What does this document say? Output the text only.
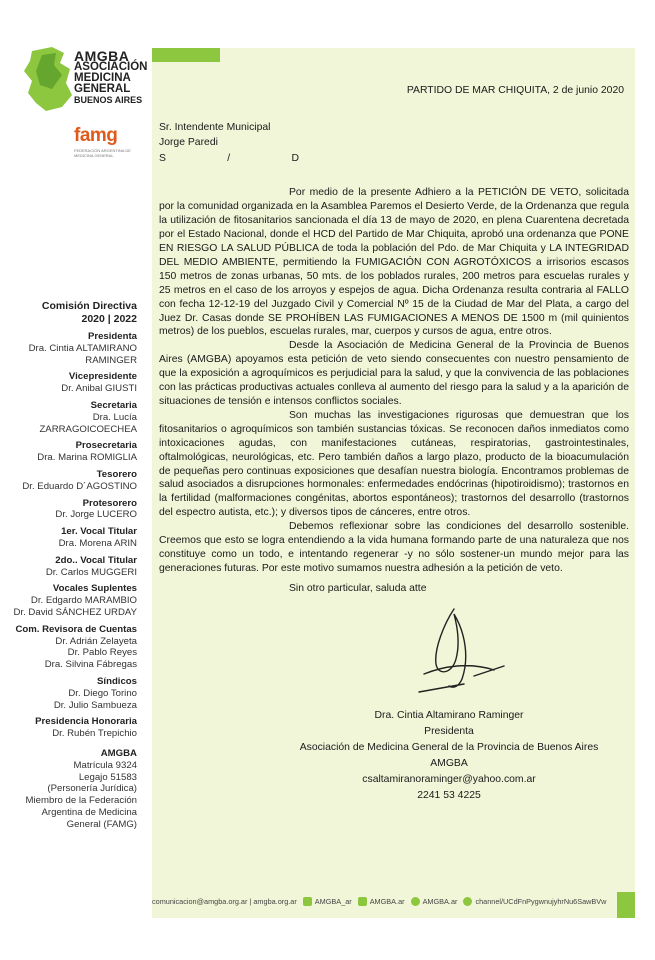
AMGBA
ASOCIACIÓN
MEDICINA
GENERAL
BUENOS AIRES
famg
FEDERACIÓN ARGENTINA DE MEDICINA GENERAL
Comisión Directiva
2020 | 2022
Presidenta
Dra. Cintia ALTAMIRANO
RAMINGER
Vicepresidente
Dr. Anibal GIUSTI
Secretaria
Dra. Lucía
ZARRAGOICOECHEA
Prosecretaria
Dra. Marina ROMIGLIA
Tesorero
Dr. Eduardo D´AGOSTINO
Protesorero
Dr. Jorge LUCERO
1er. Vocal Titular
Dra. Morena ARIN
2do.. Vocal Titular
Dr. Carlos MUGGERI
Vocales Suplentes
Dr. Edgardo MARAMBIO
Dr. David SÁNCHEZ URDAY
Com. Revisora de Cuentas
Dr. Adrián Zelayeta
Dr. Pablo Reyes
Dra. Silvina Fábregas
Síndicos
Dr. Diego Torino
Dr. Julio Sambueza
Presidencia Honoraria
Dr. Rubén Trepichio
AMGBA
Matrícula 9324
Legajo 51583
(Personería Jurídica)
Miembro de la Federación
Argentina de Medicina
General (FAMG)
PARTIDO DE MAR CHIQUITA, 2 de junio 2020
Sr. Intendente Municipal
Jorge Paredi
S	/	D

Por medio de la presente Adhiero a la PETICIÓN DE VETO, solicitada por la comunidad organizada en la Asamblea Paremos el Desierto Verde, de la Ordenanza que regula la utilización de fitosanitarios sancionada el día 13 de mayo de 2020, en plena Cuarentena decretada por el Estado Nacional, donde el HCD del Partido de Mar Chiquita, aprobó una ordenanza que PONE EN RIESGO LA SALUD PÚBLICA de toda la población del Pdo. de Mar Chiquita y LA INTEGRIDAD DEL MEDIO AMBIENTE, permitiendo la FUMIGACIÓN CON AGROTÓXICOS a irrisorios escasos 150 metros de zonas urbanas, 50 mts. de los poblados rurales, 200 metros para escuelas rurales y 25 metros en el caso de los arroyos y espejos de agua. Dicha Ordenanza resulta contraria al FALLO con fecha 12-12-19 del Juzgado Civil y Comercial Nº 15 de la Ciudad de Mar del Plata, a cargo del Juez Dr. Casas donde SE PROHÍBEN LAS FUMIGACIONES A MENOS DE 1500 m (mil quinientos metros) de los pueblos, escuelas rurales, mar, cuerpos y cursos de agua, entre otros.

Desde la Asociación de Medicina General de la Provincia de Buenos Aires (AMGBA) apoyamos esta petición de veto siendo consecuentes con nuestro pensamiento de que la exposición a agroquímicos es perjudicial para la salud, y que la convivencia de las poblaciones con las prácticas productivas actuales conlleva al aumento del riesgo para la salud y a la aparición de situaciones de tensión e intensos conflictos sociales.

Son muchas las investigaciones rigurosas que demuestran que los fitosanitarios o agroquímicos son también sustancias tóxicas. Se reconocen daños inmediatos como intoxicaciones agudas, con manifestaciones cutáneas, respiratorias, gastrointestinales, oftalmológicas, neurológicas, etc. Pero también daños a largo plazo, producto de la bioacumulación de pequeñas pero continuas exposiciones que desafían nuestra biología. Encontramos problemas de salud asociados a disrupciones hormonales: enfermedades endócrinas (hipotiroidismo); trastornos en la fertilidad (malformaciones congénitas, abortos espontáneos); trastornos del desarrollo (trastornos del espectro autista, etc.); y diversos tipos de cánceres, entre otros.

Debemos reflexionar sobre las condiciones del desarrollo sostenible. Creemos que esto se logra entendiendo a la vida humana formando parte de una naturaleza que nos constituye como un todo, e intentando regenerar -y no sólo sostener-un mundo mejor para las generaciones futuras. Por este motivo sumamos nuestra adhesión a la petición de veto.

Sin otro particular, saluda atte
Dra. Cintia Altamirano Raminger
Presidenta
Asociación de Medicina General de la Provincia de Buenos Aires
AMGBA
csaltamiranoraminger@yahoo.com.ar
2241 53 4225
comunicacion@amgba.org.ar | amgba.org.ar AMGBA_ar AMGBA.ar AMGBA.ar channel/UCdFnPygwnujyhrNu6SawBVw
